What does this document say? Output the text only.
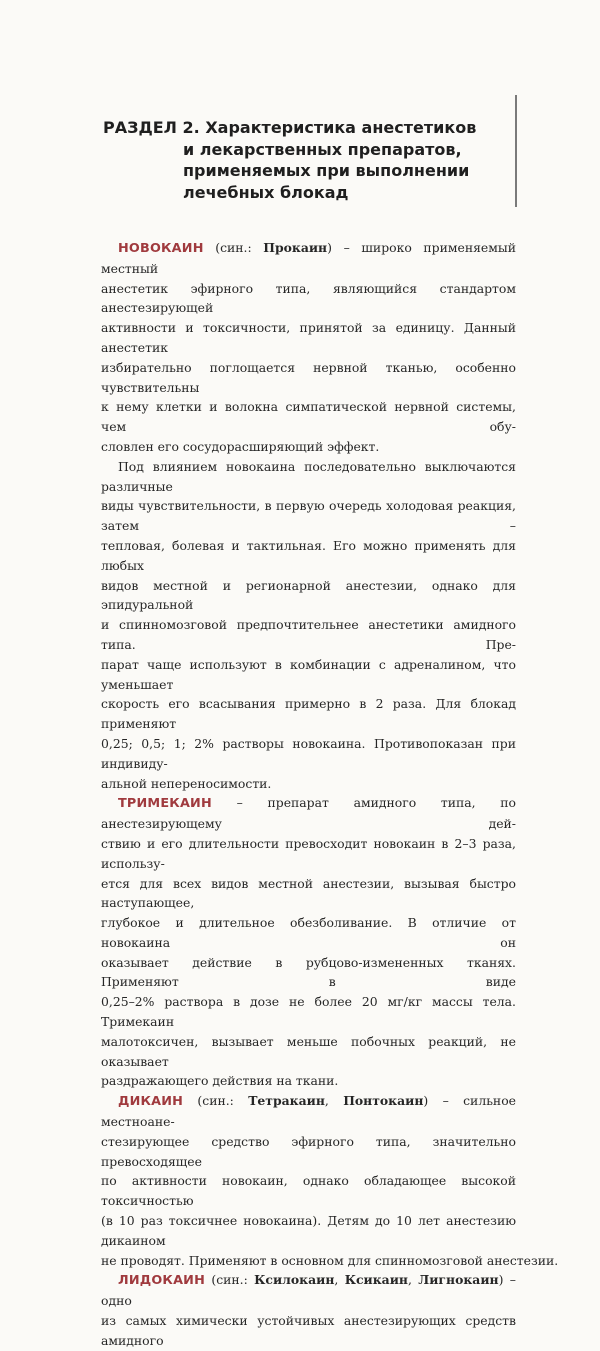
РАЗДЕЛ 2. Характеристика анестетиков
и лекарственных препаратов,
применяемых при выполнении
лечебных блокад
НОВОКАИН (син.: Прокаин) – широко применяемый местный
анестетик эфирного типа, являющийся стандартом анестезирующей
активности и токсичности, принятой за единицу. Данный анестетик
избирательно поглощается нервной тканью, особенно чувствительны
к нему клетки и волокна симпатической нервной системы, чем обу-
словлен его сосудорасширяющий эффект.
Под влиянием новокаина последовательно выключаются различные
виды чувствительности, в первую очередь холодовая реакция, затем –
тепловая, болевая и тактильная. Его можно применять для любых
видов местной и регионарной анестезии, однако для эпидуральной
и спинномозговой предпочтительнее анестетики амидного типа. Пре-
парат чаще используют в комбинации с адреналином, что уменьшает
скорость его всасывания примерно в 2 раза. Для блокад применяют
0,25; 0,5; 1; 2% растворы новокаина. Противопоказан при индивиду-
альной непереносимости.
ТРИМЕКАИН – препарат амидного типа, по анестезирующему дей-
ствию и его длительности превосходит новокаин в 2–3 раза, использу-
ется для всех видов местной анестезии, вызывая быстро наступающее,
глубокое и длительное обезболивание. В отличие от новокаина он
оказывает действие в рубцово-измененных тканях. Применяют в виде
0,25–2% раствора в дозе не более 20 мг/кг массы тела. Тримекаин
малотоксичен, вызывает меньше побочных реакций, не оказывает
раздражающего действия на ткани.
ДИКАИН (син.: Тетракаин, Понтокаин) – сильное местноане-
стезирующее средство эфирного типа, значительно превосходящее
по активности новокаин, однако обладающее высокой токсичностью
(в 10 раз токсичнее новокаина). Детям до 10 лет анестезию дикаином
не проводят. Применяют в основном для спинномозговой анестезии.
ЛИДОКАИН (син.: Ксилокаин, Ксикаин, Лигнокаин) – одно
из самых химически устойчивых анестезирующих средств амидного
